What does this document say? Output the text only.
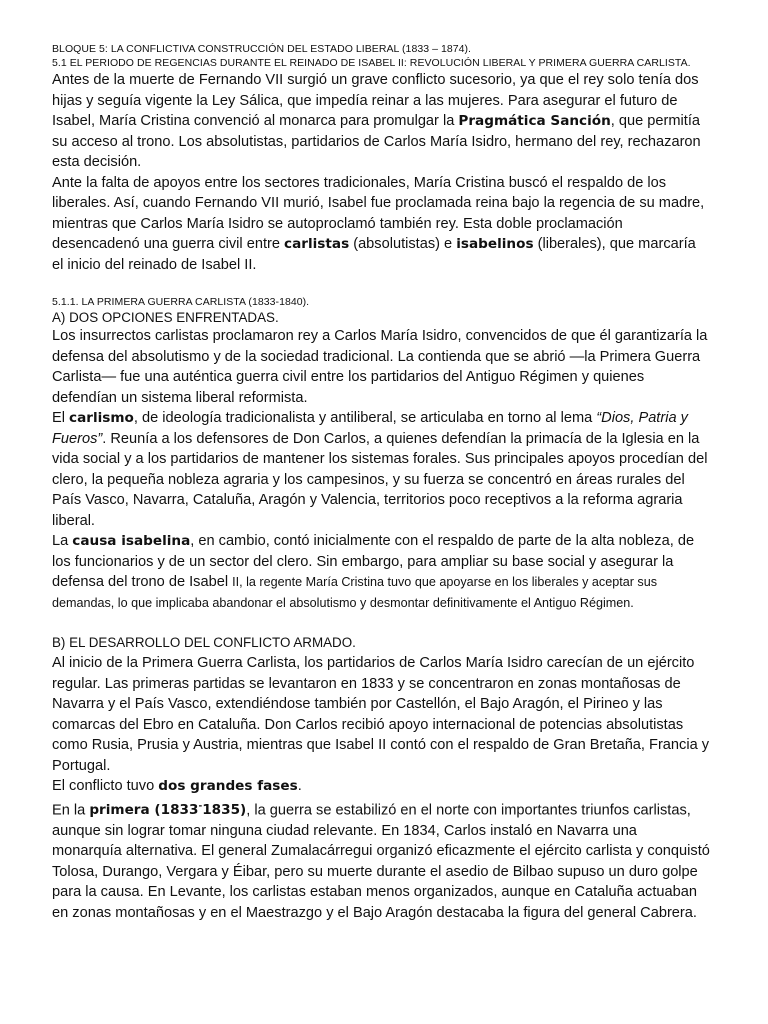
BLOQUE 5: LA CONFLICTIVA CONSTRUCCIÓN DEL ESTADO LIBERAL (1833 – 1874).

5.1 EL PERIODO DE REGENCIAS DURANTE EL REINADO DE ISABEL II: REVOLUCIÓN LIBERAL Y PRIMERA GUERRA CARLISTA.

Antes de la muerte de Fernando VII surgió un grave conflicto sucesorio, ya que el rey solo tenía dos hijas y seguía vigente la Ley Sálica, que impedía reinar a las mujeres. Para asegurar el futuro de Isabel, María Cristina convenció al monarca para promulgar la Pragmática Sanción, que permitía su acceso al trono. Los absolutistas, partidarios de Carlos María Isidro, hermano del rey, rechazaron esta decisión.

Ante la falta de apoyos entre los sectores tradicionales, María Cristina buscó el respaldo de los liberales. Así, cuando Fernando VII murió, Isabel fue proclamada reina bajo la regencia de su madre, mientras que Carlos María Isidro se autoproclamó también rey. Esta doble proclamación desencadenó una guerra civil entre carlistas (absolutistas) e isabelinos (liberales), que marcaría el inicio del reinado de Isabel II.

5.1.1. LA PRIMERA GUERRA CARLISTA (1833-1840).

A) DOS OPCIONES ENFRENTADAS.

Los insurrectos carlistas proclamaron rey a Carlos María Isidro, convencidos de que él garantizaría la defensa del absolutismo y de la sociedad tradicional. La contienda que se abrió —la Primera Guerra Carlista— fue una auténtica guerra civil entre los partidarios del Antiguo Régimen y quienes defendían un sistema liberal reformista.

El carlismo, de ideología tradicionalista y antiliberal, se articulaba en torno al lema “Dios, Patria y Fueros”. Reunía a los defensores de Don Carlos, a quienes defendían la primacía de la Iglesia en la vida social y a los partidarios de mantener los sistemas forales. Sus principales apoyos procedían del clero, la pequeña nobleza agraria y los campesinos, y su fuerza se concentró en áreas rurales del País Vasco, Navarra, Cataluña, Aragón y Valencia, territorios poco receptivos a la reforma agraria liberal.

La causa isabelina, en cambio, contó inicialmente con el respaldo de parte de la alta nobleza, de los funcionarios y de un sector del clero. Sin embargo, para ampliar su base social y asegurar la defensa del trono de Isabel II, la regente María Cristina tuvo que apoyarse en los liberales y aceptar sus demandas, lo que implicaba abandonar el absolutismo y desmontar definitivamente el Antiguo Régimen.

B) EL DESARROLLO DEL CONFLICTO ARMADO.

Al inicio de la Primera Guerra Carlista, los partidarios de Carlos María Isidro carecían de un ejército regular. Las primeras partidas se levantaron en 1833 y se concentraron en zonas montañosas de Navarra y el País Vasco, extendiéndose también por Castellón, el Bajo Aragón, el Pirineo y las comarcas del Ebro en Cataluña. Don Carlos recibió apoyo internacional de potencias absolutistas como Rusia, Prusia y Austria, mientras que Isabel II contó con el respaldo de Gran Bretaña, Francia y Portugal.

El conflicto tuvo dos grandes fases.

En la primera (1833-1835), la guerra se estabilizó en el norte con importantes triunfos carlistas, aunque sin lograr tomar ninguna ciudad relevante. En 1834, Carlos instaló en Navarra una monarquía alternativa. El general Zumalacárregui organizó eficazmente el ejército carlista y conquistó Tolosa, Durango, Vergara y Éibar, pero su muerte durante el asedio de Bilbao supuso un duro golpe para la causa. En Levante, los carlistas estaban menos organizados, aunque en Cataluña actuaban en zonas montañosas y en el Maestrazgo y el Bajo Aragón destacaba la figura del general Cabrera.
